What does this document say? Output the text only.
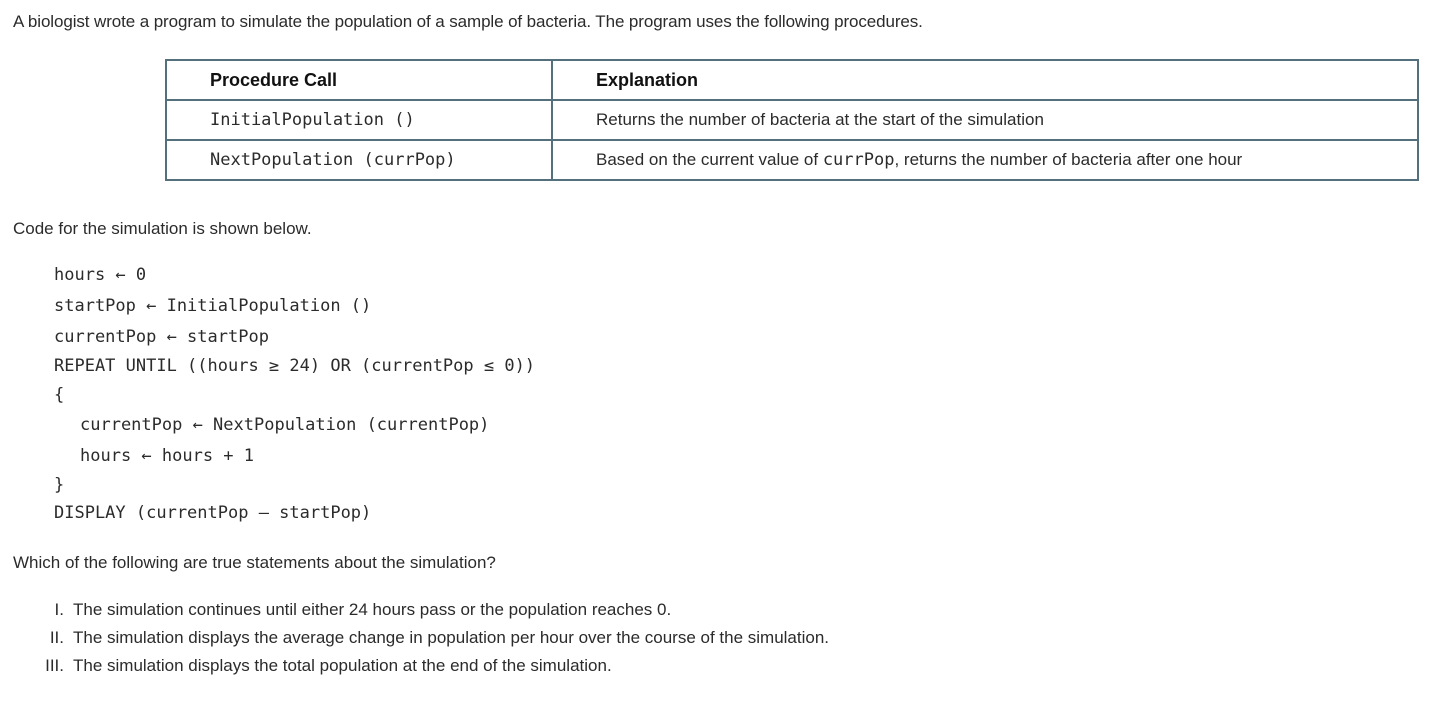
A biologist wrote a program to simulate the population of a sample of bacteria. The program uses the following procedures.
Procedure Call	Explanation
InitialPopulation ()	Returns the number of bacteria at the start of the simulation
NextPopulation (currPop)	Based on the current value of currPop, returns the number of bacteria after one hour
Code for the simulation is shown below.
hours ← 0
startPop ← InitialPopulation ()
currentPop ← startPop
REPEAT UNTIL ((hours ≥ 24) OR (currentPop ≤ 0))
{
currentPop ← NextPopulation (currentPop)
hours ← hours + 1
}
DISPLAY (currentPop – startPop)
Which of the following are true statements about the simulation?
I. The simulation continues until either 24 hours pass or the population reaches 0.
II. The simulation displays the average change in population per hour over the course of the simulation.
III. The simulation displays the total population at the end of the simulation.
